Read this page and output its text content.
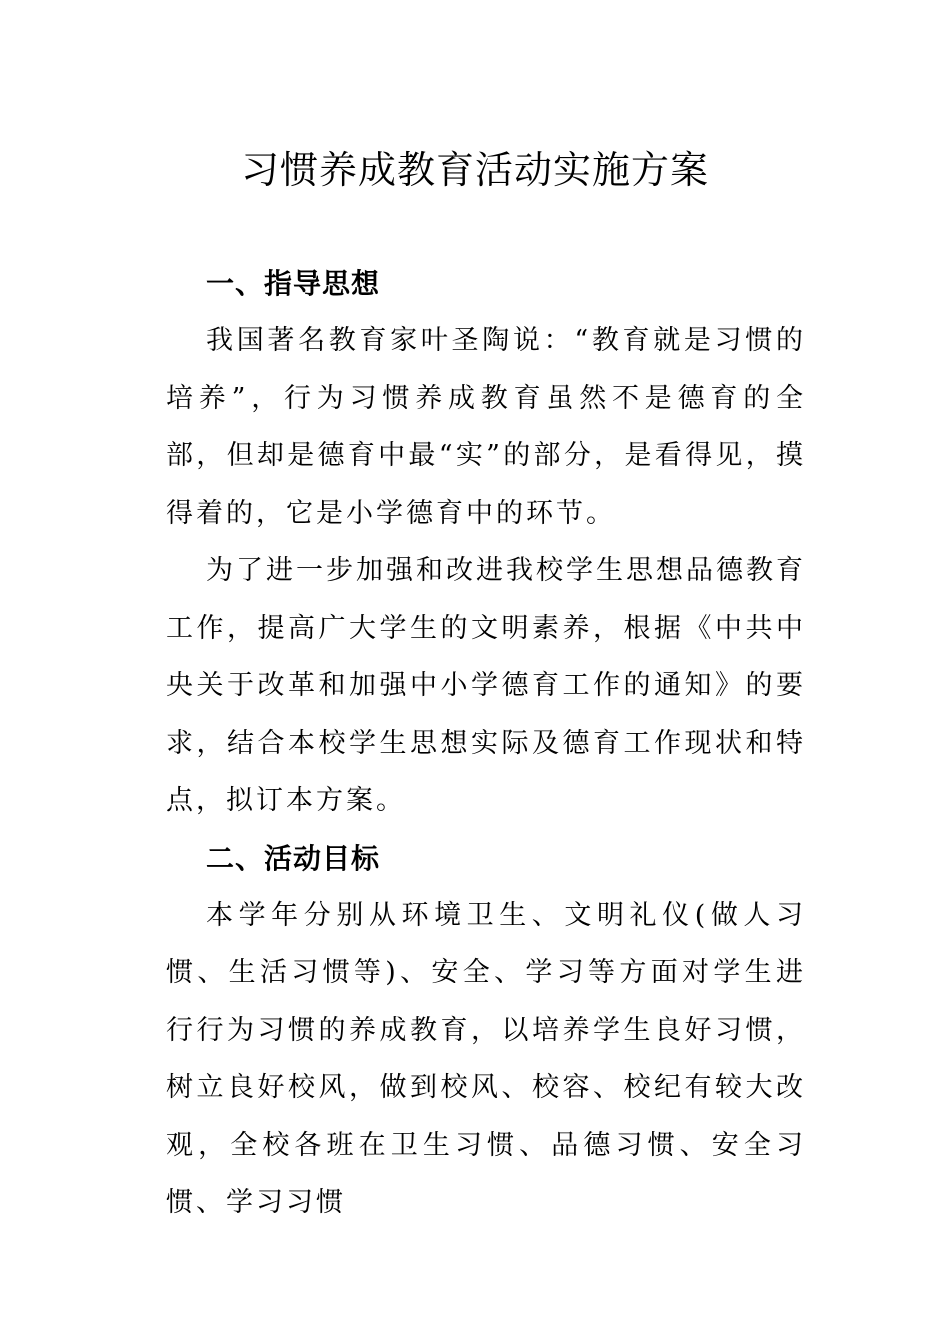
习惯养成教育活动实施方案
一、指导思想

我国著名教育家叶圣陶说：“教育就是习惯的培养”，行为习惯养成教育虽然不是德育的全部，但却是德育中最“实”的部分，是看得见，摸得着的，它是小学德育中的环节。

为了进一步加强和改进我校学生思想品德教育工作，提高广大学生的文明素养，根据《中共中央关于改革和加强中小学德育工作的通知》的要求，结合本校学生思想实际及德育工作现状和特点，拟订本方案。

二、活动目标

本学年分别从环境卫生、文明礼仪(做人习惯、生活习惯等)、安全、学习等方面对学生进行行为习惯的养成教育，以培养学生良好习惯，树立良好校风，做到校风、校容、校纪有较大改观，全校各班在卫生习惯、品德习惯、安全习惯、学习习惯
